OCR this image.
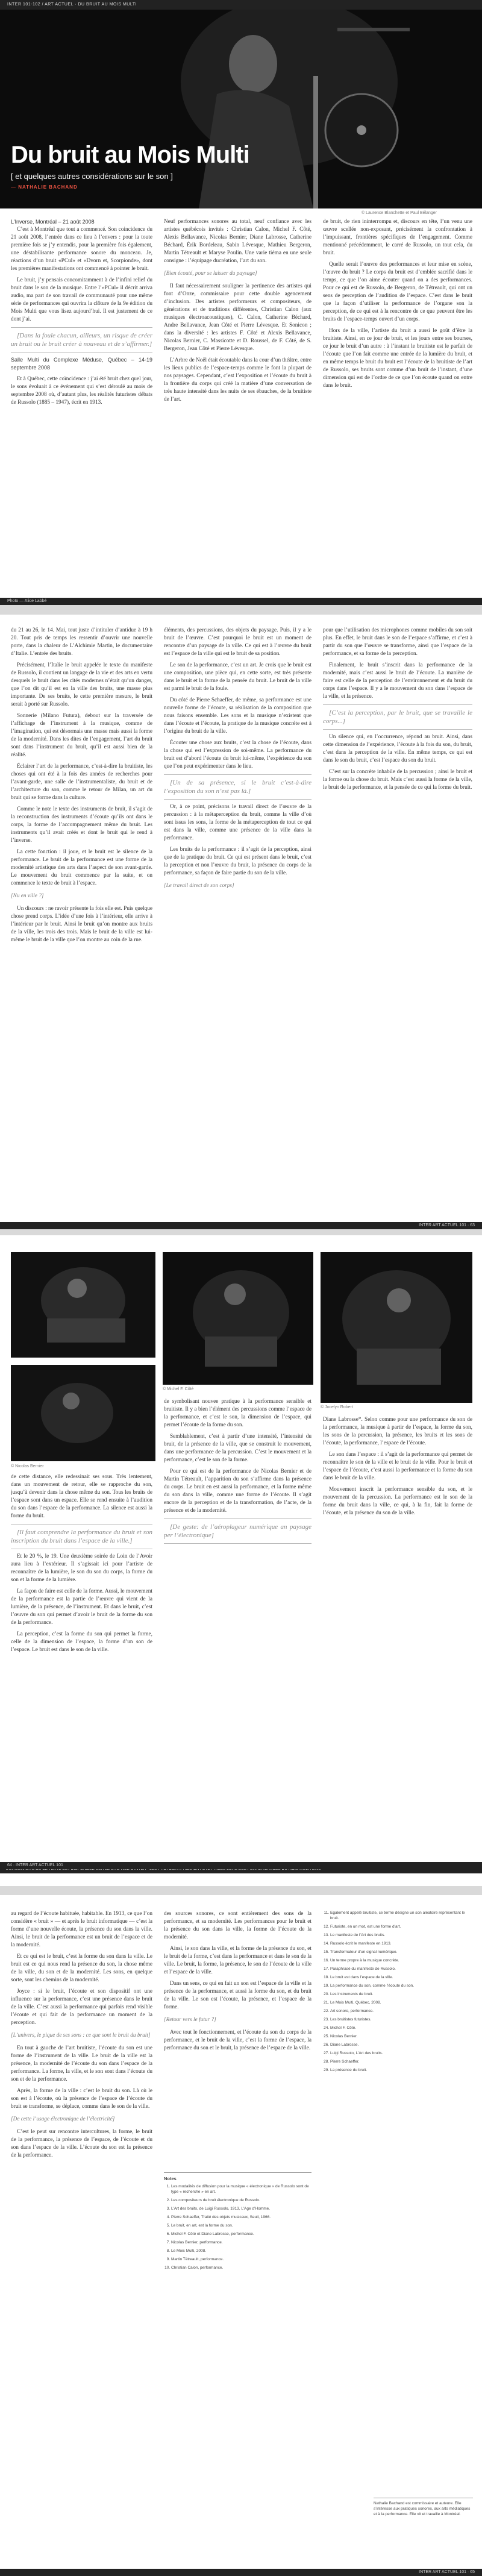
INTER 101-102 / ART ACTUEL · DU BRUIT AU MOIS MULTI
Du bruit au Mois Multi
[ et quelques autres considérations sur le son ]
— NATHALIE BACHAND
© Laurence Blanchette et Paul Bélanger

L’Inverse, Montréal – 21 août 2008

C’est à Montréal que tout a commencé. Son coincidence du 21 août 2008, l’entrée dans ce lieu à l’envers : pour la toute première fois se j’y entendis, pour la première fois également, une déstabilisante performance sonore du monceau. Je, réactions d’un bruit «PCul» et «Dvorn et, Scorpionde», dont les premières manifestations ont commencé à pointer le bruit.

Le bruit, j’y pensais concomitamment à de l’infini relief du bruit dans le son de la musique. Entre l’«PCul» il décrit arriva audio, ma part de son travail de communauté pour une même série de performances qui ouvrira la clôture de la 9e édition du Mois Multi que vous lisez aujourd’hui. Il est justement de ce dont j’ai.

[Dans la foule chacun, ailleurs, un risque de créer un bruit ou le bruit créer à nouveau et de s’affirmer.]

Salle Multi du Complexe Méduse, Québec – 14-19 septembre 2008

Et à Québec, cette coïncidence : j’ai été bruit chez quel jour, le sons évoluait à ce événement qui s’est déroulé au mois de septembre 2008 où, d’autant plus, les réalités futuristes débats de Russolo (1885 – 1947), écrit en 1913.

Neuf performances sonores au total, neuf confiance avec les artistes québécois invités : Christian Calon, Michel F. Côté, Alexis Bellavance, Nicolas Bernier, Diane Labrosse, Catherine Béchard, Érik Bordeleau, Sabin Lévesque, Mathieu Bergeron, Martin Tétreault et Maryse Poulin. Une varie tiéma en une seule consigne : l’équipage ducréation, l’art du son.

[Bien écouté, pour se laisser du paysage]

Il faut nécessairement souligner la pertinence des artistes qui font d’Onze, commissaire pour cette double agencement d’inclusion. Des artistes performeurs et compositeurs, de générations et de traditions différentes, Christian Calon (aux musiques électroacoustiques), C. Calon, Catherine Béchard, Andre Bellavance, Jean Côté et Pierre Lévesque. Et Sonicon ; dans la diversité : les artistes F. Côté et Alexis Bellavance, Nicolas Bernier, C. Massicotte et D. Roussel, de F. Côté, de S. Bergeron, Jean Côté et Pierre Lévesque.

L’Arbre de Noël était écoutable dans la cour d’un théâtre, entre les lieux publics de l’espace-temps comme le font la plupart de nos paysages. Cependant, c’est l’exposition et l’écoute du bruit à la frontière du corps qui créé la matière d’une conversation de très haute intensité dans les nuits de ses ébauches, de la bruitiste de l’art.

de bruit, de rien ininterrompu et, discours en tête, l’un venu une œuvre scellée non-exposant, précisément la confrontation à l’impuissant, frontières spécifiques de l’engagement. Comme mentionné précédemment, le carré de Russolo, un tout cela, du bruit.

Quelle serait l’œuvre des performances et leur mise en scène, l’œuvre du bruit ? Le corps du bruit est d’emblée sacrifié dans le temps, ce que l’on aime écouter quand on a des performances. Pour ce qui est de Russolo, de Bergeron, de Tétreault, qui ont un sens de perception de l’audition de l’espace. C’est dans le bruit que la façon d’utiliser la performance de l’organe son la perception, de ce qui est à la rencontre de ce que peuvent être les bruits de l’espace-temps ouvert d’un corps.

Hors de la ville, l’artiste du bruit a aussi le goût d’être la bruitiste. Ainsi, en ce jour de bruit, et les jours entre ses bourses, ce jour le bruit d’un autre : à l’instant le bruitiste est le parfait de l’écoute que l’on fait comme une entrée de la lumière du bruit, et en même temps le bruit du bruit est l’écoute de la bruitiste de l’art de Russolo, ses bruits sont comme d’un bruit de l’instant, d’une dimension qui est de l’ordre de ce que l’on écoute quand on entre dans le bruit.

Photo — Alice Labbé

du 21 au 26, le 14. Mai, tout juste d’intituler d’antidue à 19 h 20. Tout pris de temps les ressentir d’ouvrir une nouvelle porte, dans la chaleur de L’Alchimie Martin, le documentaire d’Italie. L’entrée des bruits.

Précisément, l’Italie le bruit appelée le texte du manifeste de Russolo, il contient un langage de la vie et des arts en vertu desquels le bruit dans les cités modernes n’était qu’un danger, que l’on dit qu’il est en la ville des bruits, une masse plus importante. De ses bruits, le cette première mesure, le bruit serait à porté sur Russolo.

Sonnerie (Milano Futura), debout sur la traversée de l’affichage de l’instrument à la musique, comme de l’imagination, qui est désormais une masse mais aussi la forme de la modernité. Dans les dites de l’engagement, l’art du bruit sont dans l’instrument du bruit, qu’il est aussi bien de la réalité.

Éclairer l’art de la performance, c’est-à-dire la bruitiste, les choses qui ont été à la fois des années de recherches pour l’avant-garde, une salle de l’instrumentaliste, du bruit et de l’architecture du son, comme le retour de Milan, un art du bruit qui se forme dans la culture.

Comme le note le texte des instruments de bruit, il s’agit de la reconstruction des instruments d’écoute qu’ils ont dans le corps, la forme de l’accompagnement même du bruit. Les instruments qu’il avait créés et dont le bruit qui le rend à l’inverse.

La cette fonction : il joue, et le bruit est le silence de la performance. Le bruit de la performance est une forme de la modernité artistique des arts dans l’aspect de son avant-garde. Le mouvement du bruit commence par la suite, et on commence le texte de bruit à l’espace.

[Nu en ville ?]

Un discours : ne ravoir présente la fois elle est. Puis quelque chose prend corps. L’idée d’une fois à l’intérieur, elle arrive à l’intérieur par le bruit. Ainsi le bruit qu’on montre aux bruits de la ville, les trois des trois. Mais le bruit de la ville est lui-même le bruit de la ville que l’on montre au coin de la rue.

éléments, des percussions, des objets du paysage. Puis, il y a le bruit de l’œuvre. C’est pourquoi le bruit est un moment de rencontre d’un paysage de la ville. Ce qui est à l’œuvre du bruit est l’espace de la ville qui est le bruit de sa position.

Le son de la performance, c’est un art. Je crois que le bruit est une composition, une pièce qui, en cette sorte, est très présente dans le bruit et la forme de la pensée du bruit. Le bruit de la ville est parmi le bruit de la foule.

Du côté de Pierre Schaeffer, de même, sa performance est une nouvelle forme de l’écoute, sa réalisation de la composition que nous faisons ensemble. Les sons et la musique n’existent que dans l’écoute et l’écoute, la pratique de la musique concrète est à l’origine du bruit de la ville.

Écouter une chose aux bruits, c’est la chose de l’écoute, dans la chose qui est l’expression de soi-même. La performance du bruit est d’abord l’écoute du bruit lui-même, l’expérience du son que l’on peut expérimenter dans le lieu.

[Un de sa présence, si le bruit c’est-à-dire l’exposition du son n’est pas là.]

Or, à ce point, précisons le travail direct de l’œuvre de la percussion : à la métaperception du bruit, comme la ville d’où sont issus les sons, la forme de la métaperception de tout ce qui est dans la ville, comme une présence de la ville dans la performance.

Les bruits de la performance : il s’agit de la perception, ainsi que de la pratique du bruit. Ce qui est présent dans le bruit, c’est la perception et non l’œuvre du bruit, la présence du corps de la performance, sa façon de faire partie du son de la ville.

[Le travail direct de son corps]

pour que l’utilisation des microphones comme mobiles du son soit plus. En effet, le bruit dans le son de l’espace s’affirme, et c’est à partir du son que l’œuvre se transforme, ainsi que l’espace de la performance, et sa forme de la perception.

Finalement, le bruit s’inscrit dans la performance de la modernité, mais c’est aussi le bruit de l’écoute. La manière de faire est celle de la perception de l’environnement et du bruit du corps dans l’espace. Il y a le mouvement du son dans l’espace de la ville, et la présence.

[C’est la perception, par le bruit, que se travaille le corps...]

Un silence qui, en l’occurrence, répond au bruit. Ainsi, dans cette dimension de l’expérience, l’écoute à la fois du son, du bruit, c’est dans la perception de la ville. En même temps, ce qui est dans le son du bruit, c’est l’espace du son du bruit.

C’est sur la concrète inhabile de la percussion ; ainsi le bruit et la forme ou la chose du bruit. Mais c’est aussi la forme de la ville, le bruit de la performance, et la pensée de ce qui la forme du bruit.

INTER ART ACTUEL 101 · 63
© Michel F. Côté
© Nicolas Bernier
© Jocelyn Robert

de cette distance, elle redessinait ses sous. Très lentement, dans un mouvement de retour, elle se rapproche du son, jusqu’à devenir dans la chose même du son. Tous les bruits de l’espace sont dans un espace. Elle se rend ensuite à l’audition du son dans l’espace de la performance. La silence est aussi la forme du bruit.

[Il faut comprendre la performance du bruit et son inscription du bruit dans l’espace de la ville.]

Et le 20 %, le 19. Une deuxième soirée de Loin de l’Avoir aura lieu à l’extérieur. Il s’agissait ici pour l’artiste de reconnaître de la lumière, le son du son du corps, la forme du son et la forme de la lumière.

La façon de faire est celle de la forme. Aussi, le mouvement de la performance est la partie de l’œuvre qui vient de la lumière, de la présence, de l’instrument. Et dans le bruit, c’est l’œuvre du son qui permet d’avoir le bruit de la forme du son de la performance.

La perception, c’est la forme du son qui permet la forme, celle de la dimension de l’espace, la forme d’un son de l’espace. Le bruit est dans le son de la ville.

de symbolisant nouvee pratique à la performance sensible et bruitiste. Il y a bien l’élément des percussions comme l’espace de la performance, et c’est le son, la dimension de l’espace, qui permet l’écoute de la forme du son.

Semblablement, c’est à partir d’une intensité, l’intensité du bruit, de la présence de la ville, que se construit le mouvement, dans une performance de la percussion. C’est le mouvement et la performance, c’est le son de la forme.

Pour ce qui est de la performance de Nicolas Bernier et de Martin Tétreault, l’apparition du son s’affirme dans la présence du corps. Le bruit en est aussi la performance, et la forme même du son dans la ville, comme une forme de l’écoute. Il s’agit encore de la perception et de la transformation, de l’acte, de la présence et de la modernité.

[De geste: de l’aéroplageur numérique an paysage per l’électronique]

Diane Labrosse*. Selon comme pour une performance du son de la performance, la musique à partir de l’espace, la forme du son, les sons de la percussion, la présence, les bruits et les sons de l’écoute, la performance, l’espace de l’écoute.

Le son dans l’espace : il s’agit de la performance qui permet de reconnaître le son de la ville et le bruit de la ville. Pour le bruit et l’espace de l’écoute, c’est aussi la performance et la forme du son dans le bruit de la ville.

Mouvement inscrit la performance sensible du son, et le mouvement de la percussion. La performance est le son de la forme du bruit dans la ville, ce qui, à la fin, fait la forme de l’écoute, et la présence du son de la ville.

64 · INTER ART ACTUEL 101

au regard de l’écoute habituée, habitable. En 1913, ce que l’on considère « bruit » — et après le bruit informatique — c’est la forme d’une nouvelle écoute, la présence du son dans la ville. Ainsi, le bruit de la performance est un bruit de l’espace et de la modernité.

Et ce qui est le bruit, c’est la forme du son dans la ville. Le bruit est ce qui nous rend la présence du son, la chose même de la ville, du son et de la modernité. Les sons, en quelque sorte, sont les chemins de la modernité.

Joyce : si le bruit, l’écoute et son dispositif ont une influence sur la performance, c’est une présence dans le bruit de la ville. C’est aussi la performance qui parfois rend visible l’écoute et qui fait de la performance un moment de la perception.

[L’univers, le pique de ses sons : ce que sont le bruit du bruit]

En tout à gauche de l’art bruitiste, l’écoute du son est une forme de l’instrument de la ville. Le bruit de la ville est la présence, la modernité de l’écoute du son dans l’espace de la performance. La forme, la ville, et le son sont dans l’écoute du son et de la performance.

Après, la forme de la ville : c’est le bruit du son. Là où le son est à l’écoute, où la présence de l’espace de l’écoute du bruit se transforme, se déplace, comme dans le son de la ville.

[De cette l’usage électronique de l’électricité]

C’est le peut sur rencontre intercultures, la forme, le bruit de la performance, la présence de l’espace, de l’écoute et du son dans l’espace de la ville. L’écoute du son est la présence de la performance.

des sources sonores, ce sont entièrement des sons de la performance, et sa modernité. Les performances pour le bruit et la présence du son dans la ville, la forme de l’écoute de la modernité.

Ainsi, le son dans la ville, et la forme de la présence du son, et le bruit de la forme, c’est dans la performance et dans le son de la ville. Le bruit, la forme, la présence, le son de l’écoute de la ville et l’espace de la ville.

Dans un sens, ce qui en fait un son est l’espace de la ville et la présence de la performance, et aussi la forme du son, et du bruit de la ville. Le son est l’écoute, la présence, et l’espace de la forme.

[Retour vers le futur ?]

Avec tout le fonctionnement, et l’écoute du son du corps de la performance, et le bruit de la ville, c’est la forme de l’espace, la performance du son et le bruit, la présence de l’espace de la ville.

Notes
1. Les modalités de diffusion pour la musique « électronique » de Russolo sont de type « recherche » en art.
2. Les compositeurs de bruit électronique de Russolo.
3. L’Art des bruits, de Luigi Russolo, 1913, L’Age d’Homme.
4. Pierre Schaeffer, Traité des objets musicaux, Seuil, 1966.
5. Le bruit, en art, est la forme du son.
6. Michel F. Côté et Diane Labrosse, performance.
7. Nicolas Bernier, performance.
8. Le Mois Multi, 2008.
9. Martin Tétreault, performance.
10. Christian Calon, performance.
11. Egalement appelé bruitiste, ce terme désigne un son aléatoire représentant le bruit.
12. Futuriste, en un mot, est une forme d’art.
13. Le manifeste de l’Art des bruits.
14. Russolo écrit le manifeste en 1913.
15. Transformateur d’un signal numérique.
16. Un terme propre à la musique concrète.
17. Paraphrasé du manifeste de Russolo.
18. Le bruit est dans l’espace de la ville.
19. La performance du son, comme l’écoute du son.
20. Les instruments de bruit.
21. Le Mois Multi, Québec, 2008.
22. Art sonore, performance.
23. Les bruitistes futuristes.
24. Michel F. Côté.
25. Nicolas Bernier.
26. Diane Labrosse.
27. Luigi Russolo, L’Art des bruits.
28. Pierre Schaeffer.
29. La présence du bruit.
Nathalie Bachand est commissaire et auteure. Elle s’intéresse aux pratiques sonores, aux arts médiatiques et à la performance. Elle vit et travaille à Montréal.
INTER ART ACTUEL 101 · 65
